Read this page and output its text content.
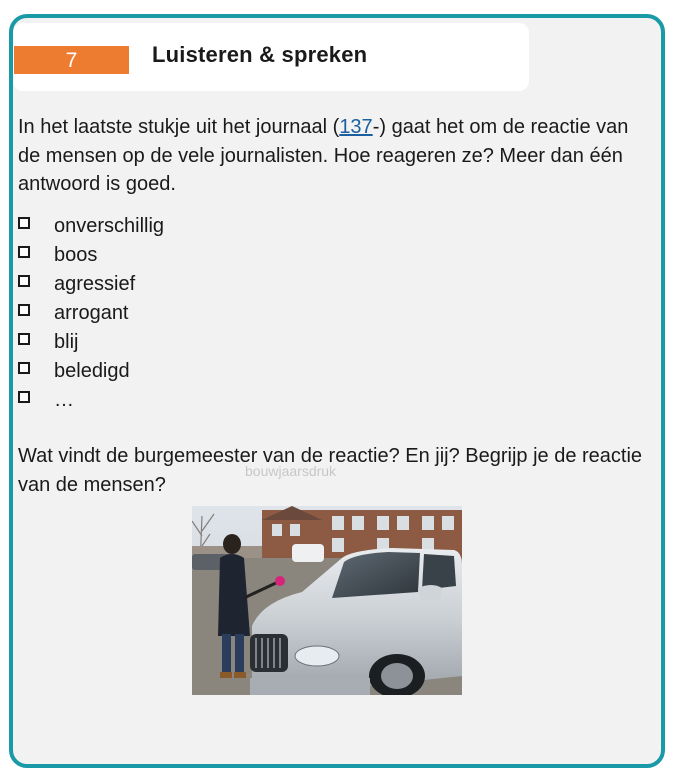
7	Luisteren & spreken
In het laatste stukje uit het journaal (137-) gaat het om de reactie van de mensen op de vele journalisten. Hoe reageren ze? Meer dan één antwoord is goed.
onverschillig
boos
agressief
arrogant
blij
beledigd
…
Wat vindt de burgemeester van de reactie? En jij? Begrijp je de reactie van de mensen?
bouwjaarsdruk
